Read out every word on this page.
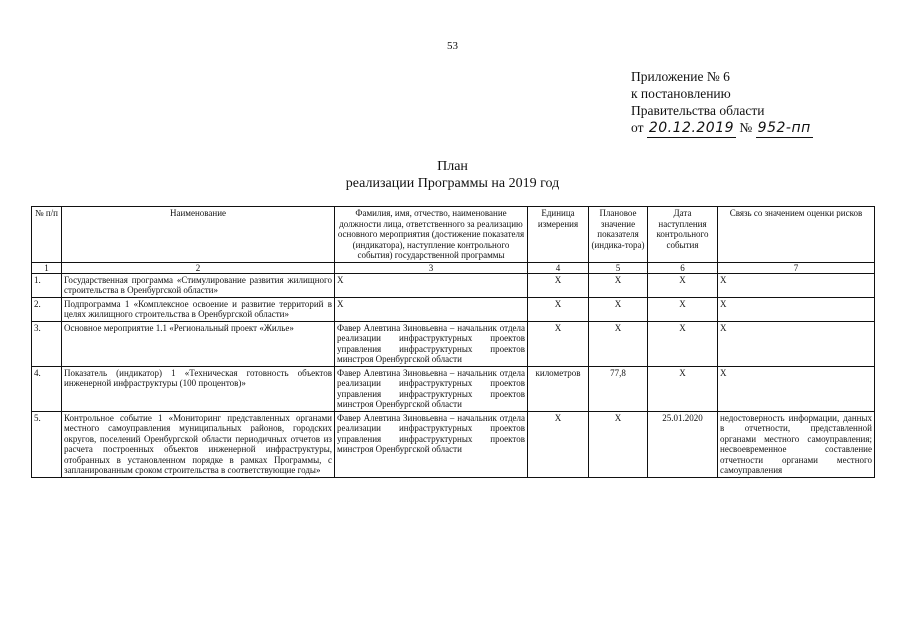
53
Приложение № 6
к постановлению
Правительства области
от 20.12.2019 № 952-пп
План
реализации Программы на 2019 год
№ п/п	Наименование	Фамилия, имя, отчество, наименование должности лица, ответственного за реализацию основного мероприятия (достижение показателя (индикатора), наступление контрольного события) государственной программы	Единица измерения	Плановое значение показателя (индика-тора)	Дата наступления контрольного события	Связь со значением оценки рисков
1	2	3	4	5	6	7
1.	Государственная программа «Стимулирование развития жилищного строительства в Оренбургской области»	X	X	X	X	X
2.	Подпрограмма 1 «Комплексное освоение и развитие территорий в целях жилищного строительства в Оренбургской области»	X	X	X	X	X
3.	Основное мероприятие 1.1 «Региональный проект «Жилье»	Фавер Алевтина Зиновьевна – начальник отдела реализации инфраструктурных проектов управления инфраструктурных проектов минстроя Оренбургской области	X	X	X	X
4.	Показатель (индикатор) 1 «Техническая готовность объектов инженерной инфраструктуры (100 процентов)»	Фавер Алевтина Зиновьевна – начальник отдела реализации инфраструктурных проектов управления инфраструктурных проектов минстроя Оренбургской области	километров	77,8	X	X
5.	Контрольное событие 1 «Мониторинг представленных органами местного самоуправления муниципальных районов, городских округов, поселений Оренбургской области периодичных отчетов из расчета построенных объектов инженерной инфраструктуры, отобранных в установленном порядке в рамках Программы, с запланированным сроком строительства в соответствующие годы»	Фавер Алевтина Зиновьевна – начальник отдела реализации инфраструктурных проектов управления инфраструктурных проектов минстроя Оренбургской области	X	X	25.01.2020	недостоверность информации, данных в отчетности, представленной органами местного самоуправления; несвоевременное составление отчетности органами местного самоуправления
